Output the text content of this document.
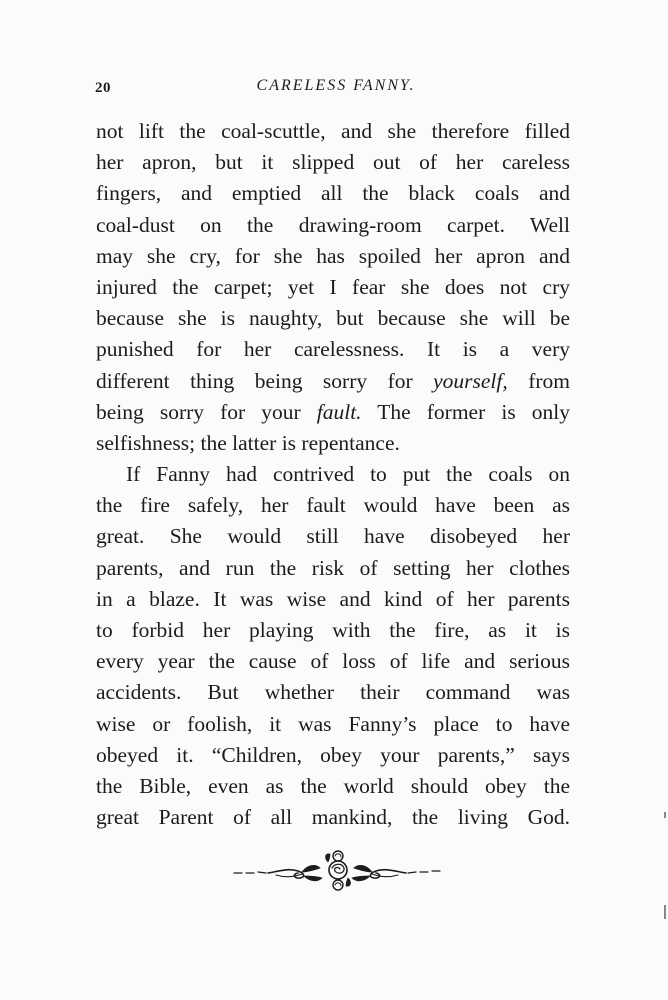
20	CARELESS FANNY.
not lift the coal-scuttle, and she therefore filled
her apron, but it slipped out of her careless
fingers, and emptied all the black coals and
coal-dust on the drawing-room carpet. Well
may she cry, for she has spoiled her apron and
injured the carpet; yet I fear she does not cry
because she is naughty, but because she will be
punished for her carelessness. It is a very
different thing being sorry for yourself, from
being sorry for your fault. The former is only
selfishness; the latter is repentance.
If Fanny had contrived to put the coals on
the fire safely, her fault would have been as
great. She would still have disobeyed her
parents, and run the risk of setting her clothes
in a blaze. It was wise and kind of her parents
to forbid her playing with the fire, as it is
every year the cause of loss of life and serious
accidents. But whether their command was
wise or foolish, it was Fanny’s place to have
obeyed it. “Children, obey your parents,” says
the Bible, even as the world should obey the
great Parent of all mankind, the living God.
